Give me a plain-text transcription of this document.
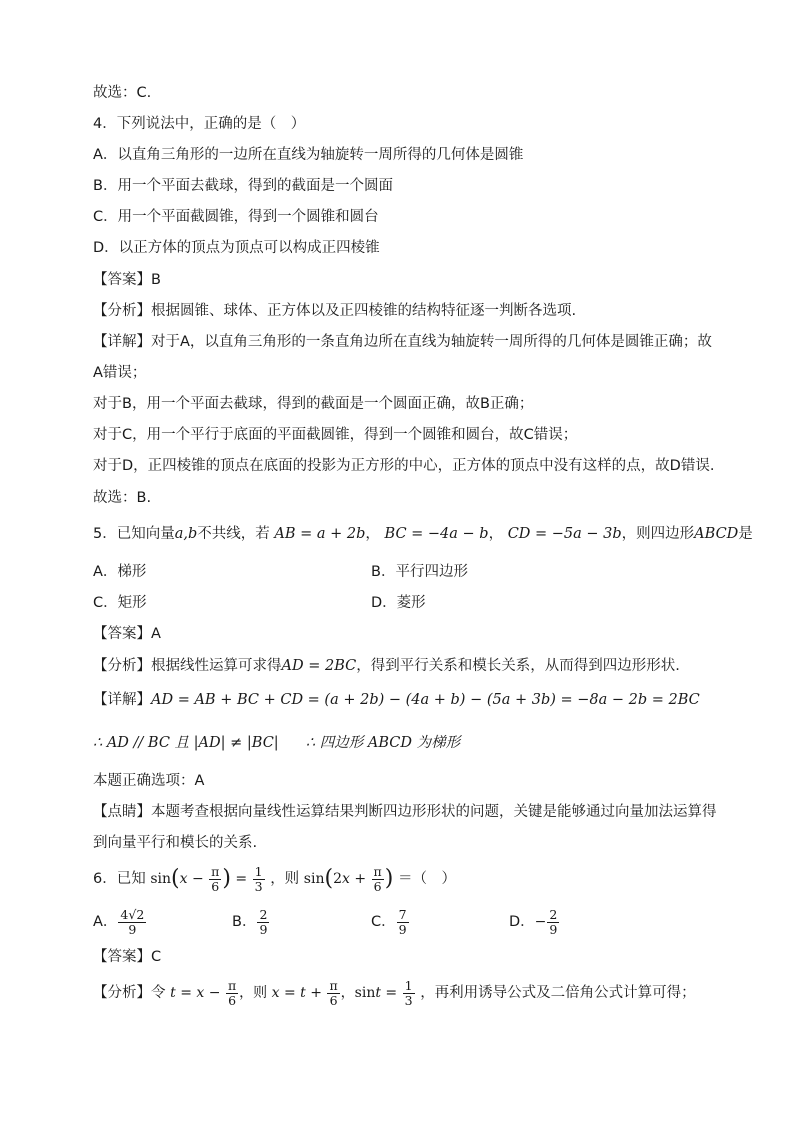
故选：C.
4．下列说法中，正确的是（　）
A．以直角三角形的一边所在直线为轴旋转一周所得的几何体是圆锥
B．用一个平面去截球，得到的截面是一个圆面
C．用一个平面截圆锥，得到一个圆锥和圆台
D．以正方体的顶点为顶点可以构成正四棱锥
【答案】B
【分析】根据圆锥、球体、正方体以及正四棱锥的结构特征逐一判断各选项.
【详解】对于A，以直角三角形的一条直角边所在直线为轴旋转一周所得的几何体是圆锥正确；故
A错误；
对于B，用一个平面去截球，得到的截面是一个圆面正确，故B正确；
对于C，用一个平行于底面的平面截圆锥，得到一个圆锥和圆台，故C错误；
对于D，正四棱锥的顶点在底面的投影为正方形的中心，正方体的顶点中没有这样的点，故D错误.
故选：B.
5．已知向量a,b不共线，若 AB = a + 2b， BC = −4a − b， CD = −5a − 3b，则四边形ABCD是
A．梯形	B．平行四边形
C．矩形	D．菱形
【答案】A
【分析】根据线性运算可求得AD = 2BC，得到平行关系和模长关系，从而得到四边形形状.
【详解】AD = AB + BC + CD = (a + 2b) − (4a + b) − (5a + 3b) = −8a − 2b = 2BC
∴ AD // BC 且 |AD| ≠ |BC| ∴ 四边形 ABCD 为梯形
本题正确选项：A
【点睛】本题考查根据向量线性运算结果判断四边形形状的问题，关键是能够通过向量加法运算得
到向量平行和模长的关系.
6．已知 $\sin(x - \frac{\pi}{6}$ ) = $\frac{1}{3}$ ，则 $\sin(2x + \frac{\pi}{6}$ ) ＝（　）
A． $\frac{4√2}{9}$	B． $\frac{2}{9}$	C． $\frac{7}{9}$	D．− $\frac{2}{9}$
【答案】C
【分析】令 $t = x - \frac{\pi}{6}$ ，则 $x = t + \frac{\pi}{6}$ ，$\sin t = \frac{1}{3}$ ，再利用诱导公式及二倍角公式计算可得；
